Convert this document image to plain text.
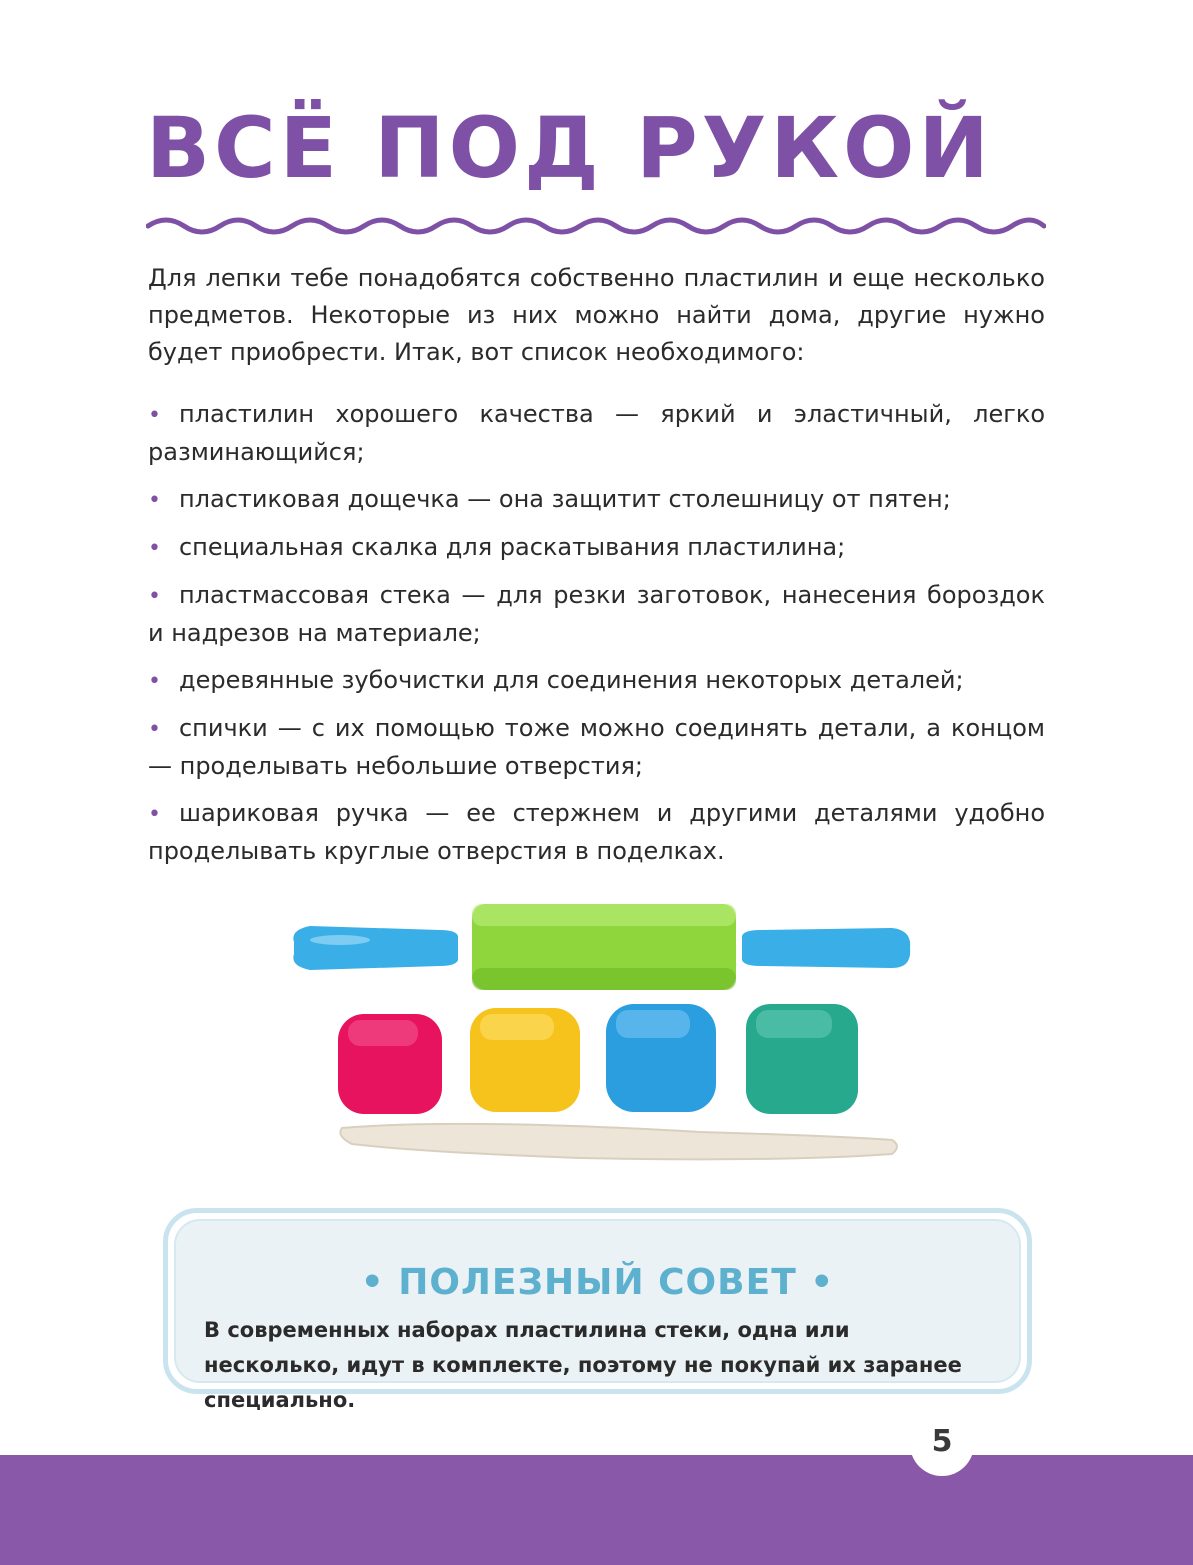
ВСЁ ПОД РУКОЙ

Для лепки тебе понадобятся собственно пластилин и еще несколько предметов. Некоторые из них можно найти дома, другие нужно будет приобрести. Итак, вот список необходимого:

• пластилин хорошего качества — яркий и эластичный, легко разминающийся;
• пластиковая дощечка — она защитит столешницу от пятен;
• специальная скалка для раскатывания пластилина;
• пластмассовая стека — для резки заготовок, нанесения бороздок и надрезов на материале;
• деревянные зубочистки для соединения некоторых деталей;
• спички — с их помощью тоже можно соединять детали, а концом — проделывать небольшие отверстия;
• шариковая ручка — ее стержнем и другими деталями удобно проделывать круглые отверстия в поделках.
• ПОЛЕЗНЫЙ СОВЕТ •
В современных наборах пластилина стеки, одна или несколько, идут в комплекте, поэтому не покупай их заранее специально.
5
